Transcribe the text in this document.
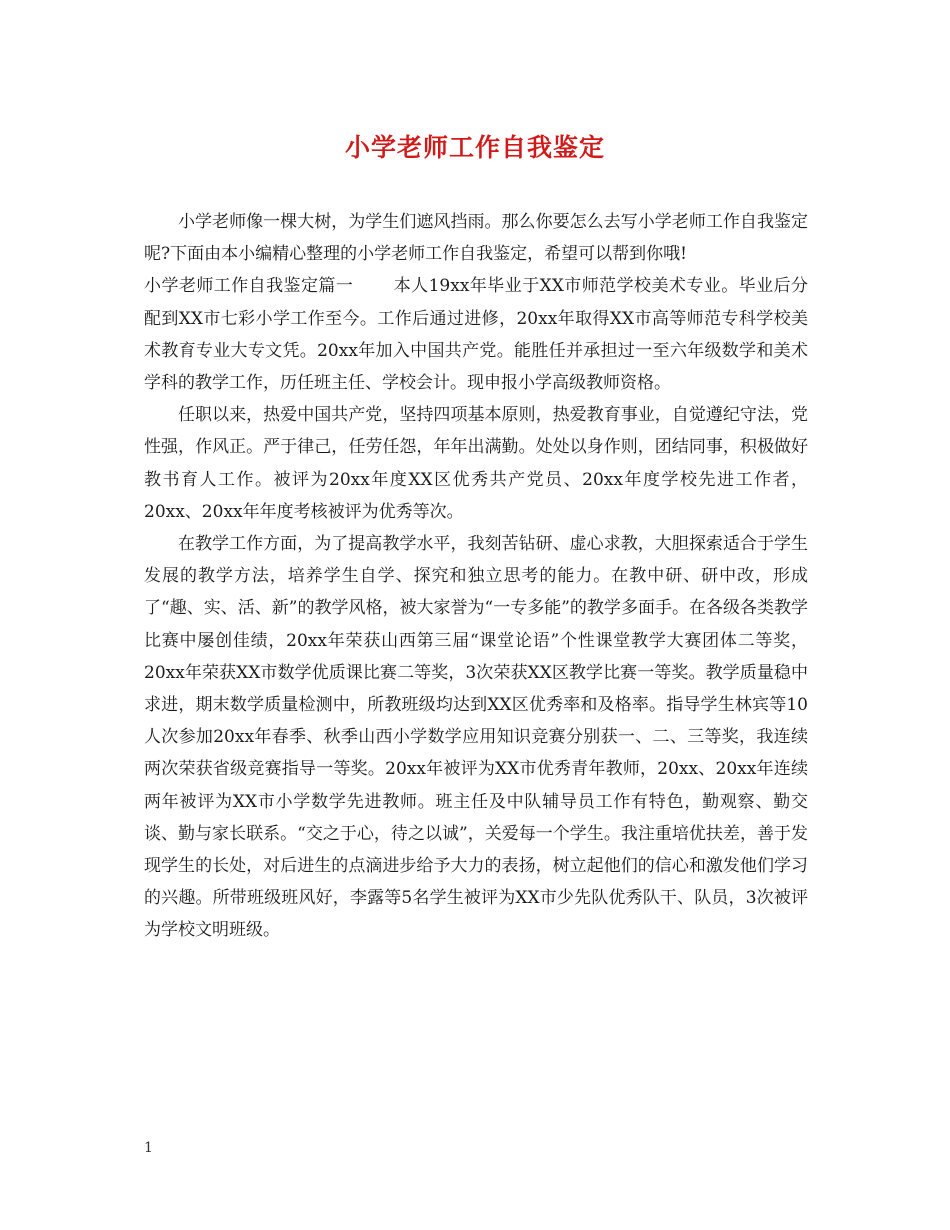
小学老师工作自我鉴定

小学老师像一棵大树，为学生们遮风挡雨。那么你要怎么去写小学老师工作自我鉴定呢?下面由本小编精心整理的小学老师工作自我鉴定，希望可以帮到你哦!

小学老师工作自我鉴定篇一 本人19xx年毕业于XX市师范学校美术专业。毕业后分配到XX市七彩小学工作至今。工作后通过进修，20xx年取得XX市高等师范专科学校美术教育专业大专文凭。20xx年加入中国共产党。能胜任并承担过一至六年级数学和美术学科的教学工作，历任班主任、学校会计。现申报小学高级教师资格。

任职以来，热爱中国共产党，坚持四项基本原则，热爱教育事业，自觉遵纪守法，党性强，作风正。严于律己，任劳任怨，年年出满勤。处处以身作则，团结同事，积极做好教书育人工作。被评为20xx年度XX区优秀共产党员、20xx年度学校先进工作者，20xx、20xx年年度考核被评为优秀等次。

在教学工作方面，为了提高教学水平，我刻苦钻研、虚心求教，大胆探索适合于学生发展的教学方法，培养学生自学、探究和独立思考的能力。在教中研、研中改，形成了“趣、实、活、新”的教学风格，被大家誉为“一专多能”的教学多面手。在各级各类教学比赛中屡创佳绩，20xx年荣获山西第三届“课堂论语”个性课堂教学大赛团体二等奖，20xx年荣获XX市数学优质课比赛二等奖，3次荣获XX区教学比赛一等奖。教学质量稳中求进，期末数学质量检测中，所教班级均达到XX区优秀率和及格率。指导学生林宾等10人次参加20xx年春季、秋季山西小学数学应用知识竞赛分别获一、二、三等奖，我连续两次荣获省级竞赛指导一等奖。20xx年被评为XX市优秀青年教师，20xx、20xx年连续两年被评为XX市小学数学先进教师。班主任及中队辅导员工作有特色，勤观察、勤交谈、勤与家长联系。“交之于心，待之以诚”，关爱每一个学生。我注重培优扶差，善于发现学生的长处，对后进生的点滴进步给予大力的表扬，树立起他们的信心和激发他们学习的兴趣。所带班级班风好，李露等5名学生被评为XX市少先队优秀队干、队员，3次被评为学校文明班级。

1
